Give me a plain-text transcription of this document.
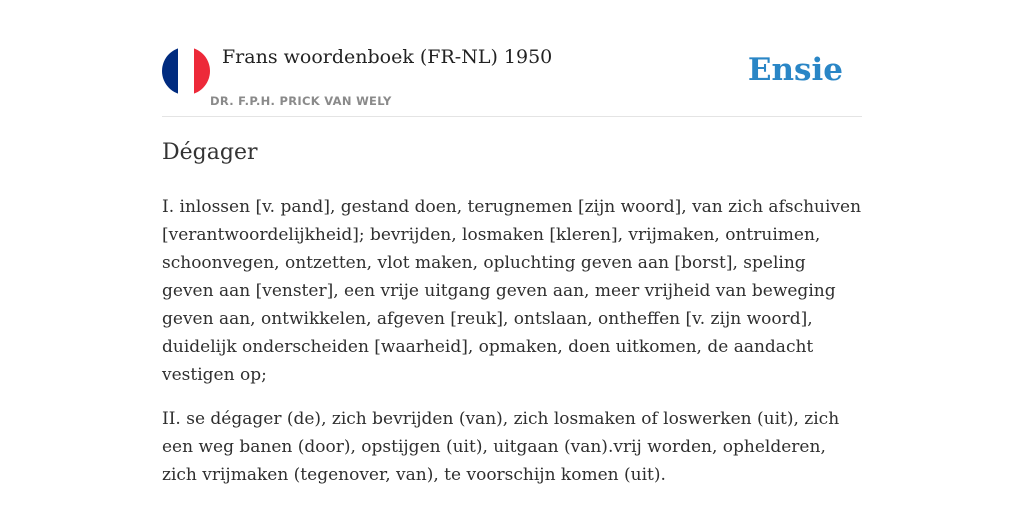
Frans woordenboek (FR-NL) 1950
DR. F.P.H. PRICK VAN WELY
Ensie
Dégager

I. inlossen [v. pand], gestand doen, terugnemen [zijn woord], van zich afschuiven [verantwoordelijkheid]; bevrijden, losmaken [kleren], vrijmaken, ontruimen, schoonvegen, ontzetten, vlot maken, opluchting geven aan [borst], speling geven aan [venster], een vrije uitgang geven aan, meer vrijheid van beweging geven aan, ontwikkelen, afgeven [reuk], ontslaan, ontheffen [v. zijn woord], duidelijk onderscheiden [waarheid], opmaken, doen uitkomen, de aandacht vestigen op;

II. se dégager (de), zich bevrijden (van), zich losmaken of loswerken (uit), zich een weg banen (door), opstijgen (uit), uitgaan (van).vrij worden, ophelderen, zich vrijmaken (tegenover, van), te voorschijn komen (uit).
